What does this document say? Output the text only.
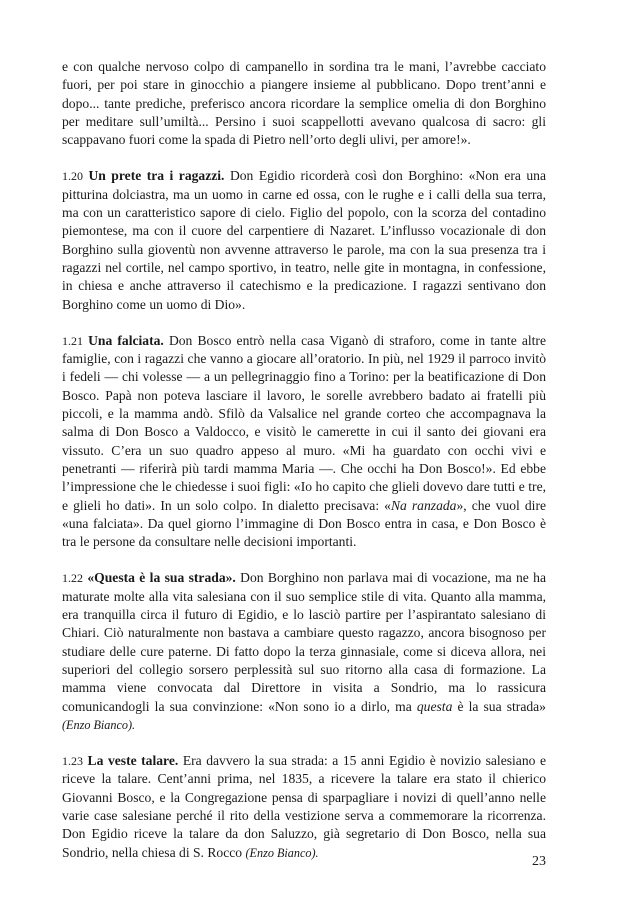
e con qualche nervoso colpo di campanello in sordina tra le mani, l’avrebbe cacciato fuori, per poi stare in ginocchio a piangere insieme al pubblicano. Dopo trent’anni e dopo... tante prediche, preferisco ancora ricordare la semplice omelia di don Borghino per meditare sull’umiltà... Persino i suoi scappellotti avevano qualcosa di sacro: gli scappavano fuori come la spada di Pietro nell’orto degli ulivi, per amore!».

1.20 Un prete tra i ragazzi. Don Egidio ricorderà così don Borghino: «Non era una pitturina dolciastra, ma un uomo in carne ed ossa, con le rughe e i calli della sua terra, ma con un caratteristico sapore di cielo. Figlio del popolo, con la scorza del contadino piemontese, ma con il cuore del carpentiere di Nazaret. L’influsso vocazionale di don Borghino sulla gioventù non avvenne attraverso le parole, ma con la sua presenza tra i ragazzi nel cortile, nel campo sportivo, in teatro, nelle gite in montagna, in confessione, in chiesa e anche attraverso il catechismo e la predicazione. I ragazzi sentivano don Borghino come un uomo di Dio».

1.21 Una falciata. Don Bosco entrò nella casa Viganò di straforo, come in tante altre famiglie, con i ragazzi che vanno a giocare all’oratorio. In più, nel 1929 il parroco invitò i fedeli — chi volesse — a un pellegrinaggio fino a Torino: per la beatificazione di Don Bosco. Papà non poteva lasciare il lavoro, le sorelle avrebbero badato ai fratelli più piccoli, e la mamma andò. Sfilò da Valsalice nel grande corteo che accompagnava la salma di Don Bosco a Valdocco, e visitò le camerette in cui il santo dei giovani era vissuto. C’era un suo quadro appeso al muro. «Mi ha guardato con occhi vivi e penetranti — riferirà più tardi mamma Maria —. Che occhi ha Don Bosco!». Ed ebbe l’impressione che le chiedesse i suoi figli: «Io ho capito che glieli dovevo dare tutti e tre, e glieli ho dati». In un solo colpo. In dialetto precisava: «Na ranzada», che vuol dire «una falciata». Da quel giorno l’immagine di Don Bosco entra in casa, e Don Bosco è tra le persone da consultare nelle decisioni importanti.

1.22 «Questa è la sua strada». Don Borghino non parlava mai di vocazione, ma ne ha maturate molte alla vita salesiana con il suo semplice stile di vita. Quanto alla mamma, era tranquilla circa il futuro di Egidio, e lo lasciò partire per l’aspirantato salesiano di Chiari. Ciò naturalmente non bastava a cambiare questo ragazzo, ancora bisognoso per studiare delle cure paterne. Di fatto dopo la terza ginnasiale, come si diceva allora, nei superiori del collegio sorsero perplessità sul suo ritorno alla casa di formazione. La mamma viene convocata dal Direttore in visita a Sondrio, ma lo rassicura comunicandogli la sua convinzione: «Non sono io a dirlo, ma questa è la sua strada» (Enzo Bianco).

1.23 La veste talare. Era davvero la sua strada: a 15 anni Egidio è novizio salesiano e riceve la talare. Cent’anni prima, nel 1835, a ricevere la talare era stato il chierico Giovanni Bosco, e la Congregazione pensa di sparpagliare i novizi di quell’anno nelle varie case salesiane perché il rito della vestizione serva a commemorare la ricorrenza. Don Egidio riceve la talare da don Saluzzo, già segretario di Don Bosco, nella sua Sondrio, nella chiesa di S. Rocco (Enzo Bianco).

23
